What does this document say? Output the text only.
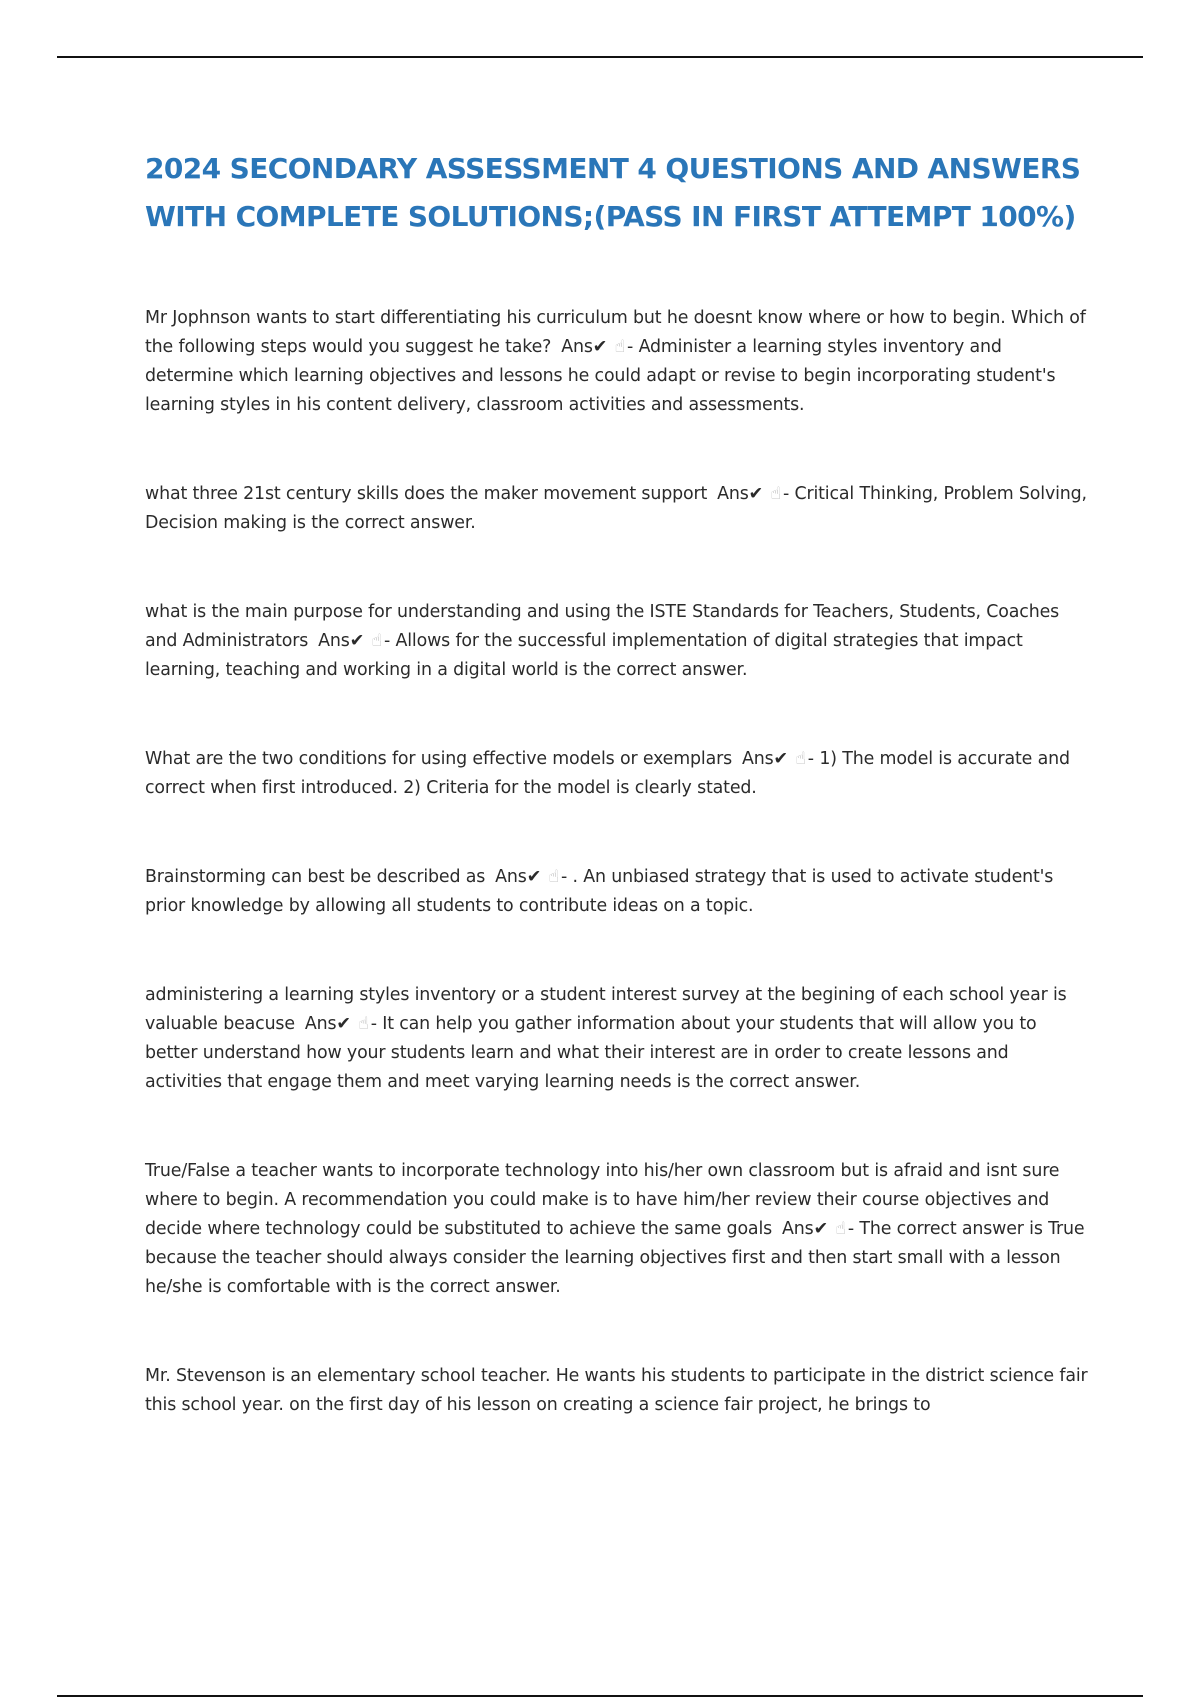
2024 SECONDARY ASSESSMENT 4 QUESTIONS AND ANSWERS WITH COMPLETE SOLUTIONS;(PASS IN FIRST ATTEMPT 100%)

Mr Jophnson wants to start differentiating his curriculum but he doesnt know where or how to begin. Which of the following steps would you suggest he take? Ans✔ ☝ - Administer a learning styles inventory and determine which learning objectives and lessons he could adapt or revise to begin incorporating student's learning styles in his content delivery, classroom activities and assessments.

what three 21st century skills does the maker movement support Ans✔ ☝ - Critical Thinking, Problem Solving, Decision making is the correct answer.

what is the main purpose for understanding and using the ISTE Standards for Teachers, Students, Coaches and Administrators Ans✔ ☝ - Allows for the successful implementation of digital strategies that impact learning, teaching and working in a digital world is the correct answer.

What are the two conditions for using effective models or exemplars Ans✔ ☝ - 1) The model is accurate and correct when first introduced. 2) Criteria for the model is clearly stated.

Brainstorming can best be described as Ans✔ ☝ - . An unbiased strategy that is used to activate student's prior knowledge by allowing all students to contribute ideas on a topic.

administering a learning styles inventory or a student interest survey at the begining of each school year is valuable beacuse Ans✔ ☝ - It can help you gather information about your students that will allow you to better understand how your students learn and what their interest are in order to create lessons and activities that engage them and meet varying learning needs is the correct answer.

True/False a teacher wants to incorporate technology into his/her own classroom but is afraid and isnt sure where to begin. A recommendation you could make is to have him/her review their course objectives and decide where technology could be substituted to achieve the same goals Ans✔ ☝ - The correct answer is True because the teacher should always consider the learning objectives first and then start small with a lesson he/she is comfortable with is the correct answer.

Mr. Stevenson is an elementary school teacher. He wants his students to participate in the district science fair this school year. on the first day of his lesson on creating a science fair project, he brings to
